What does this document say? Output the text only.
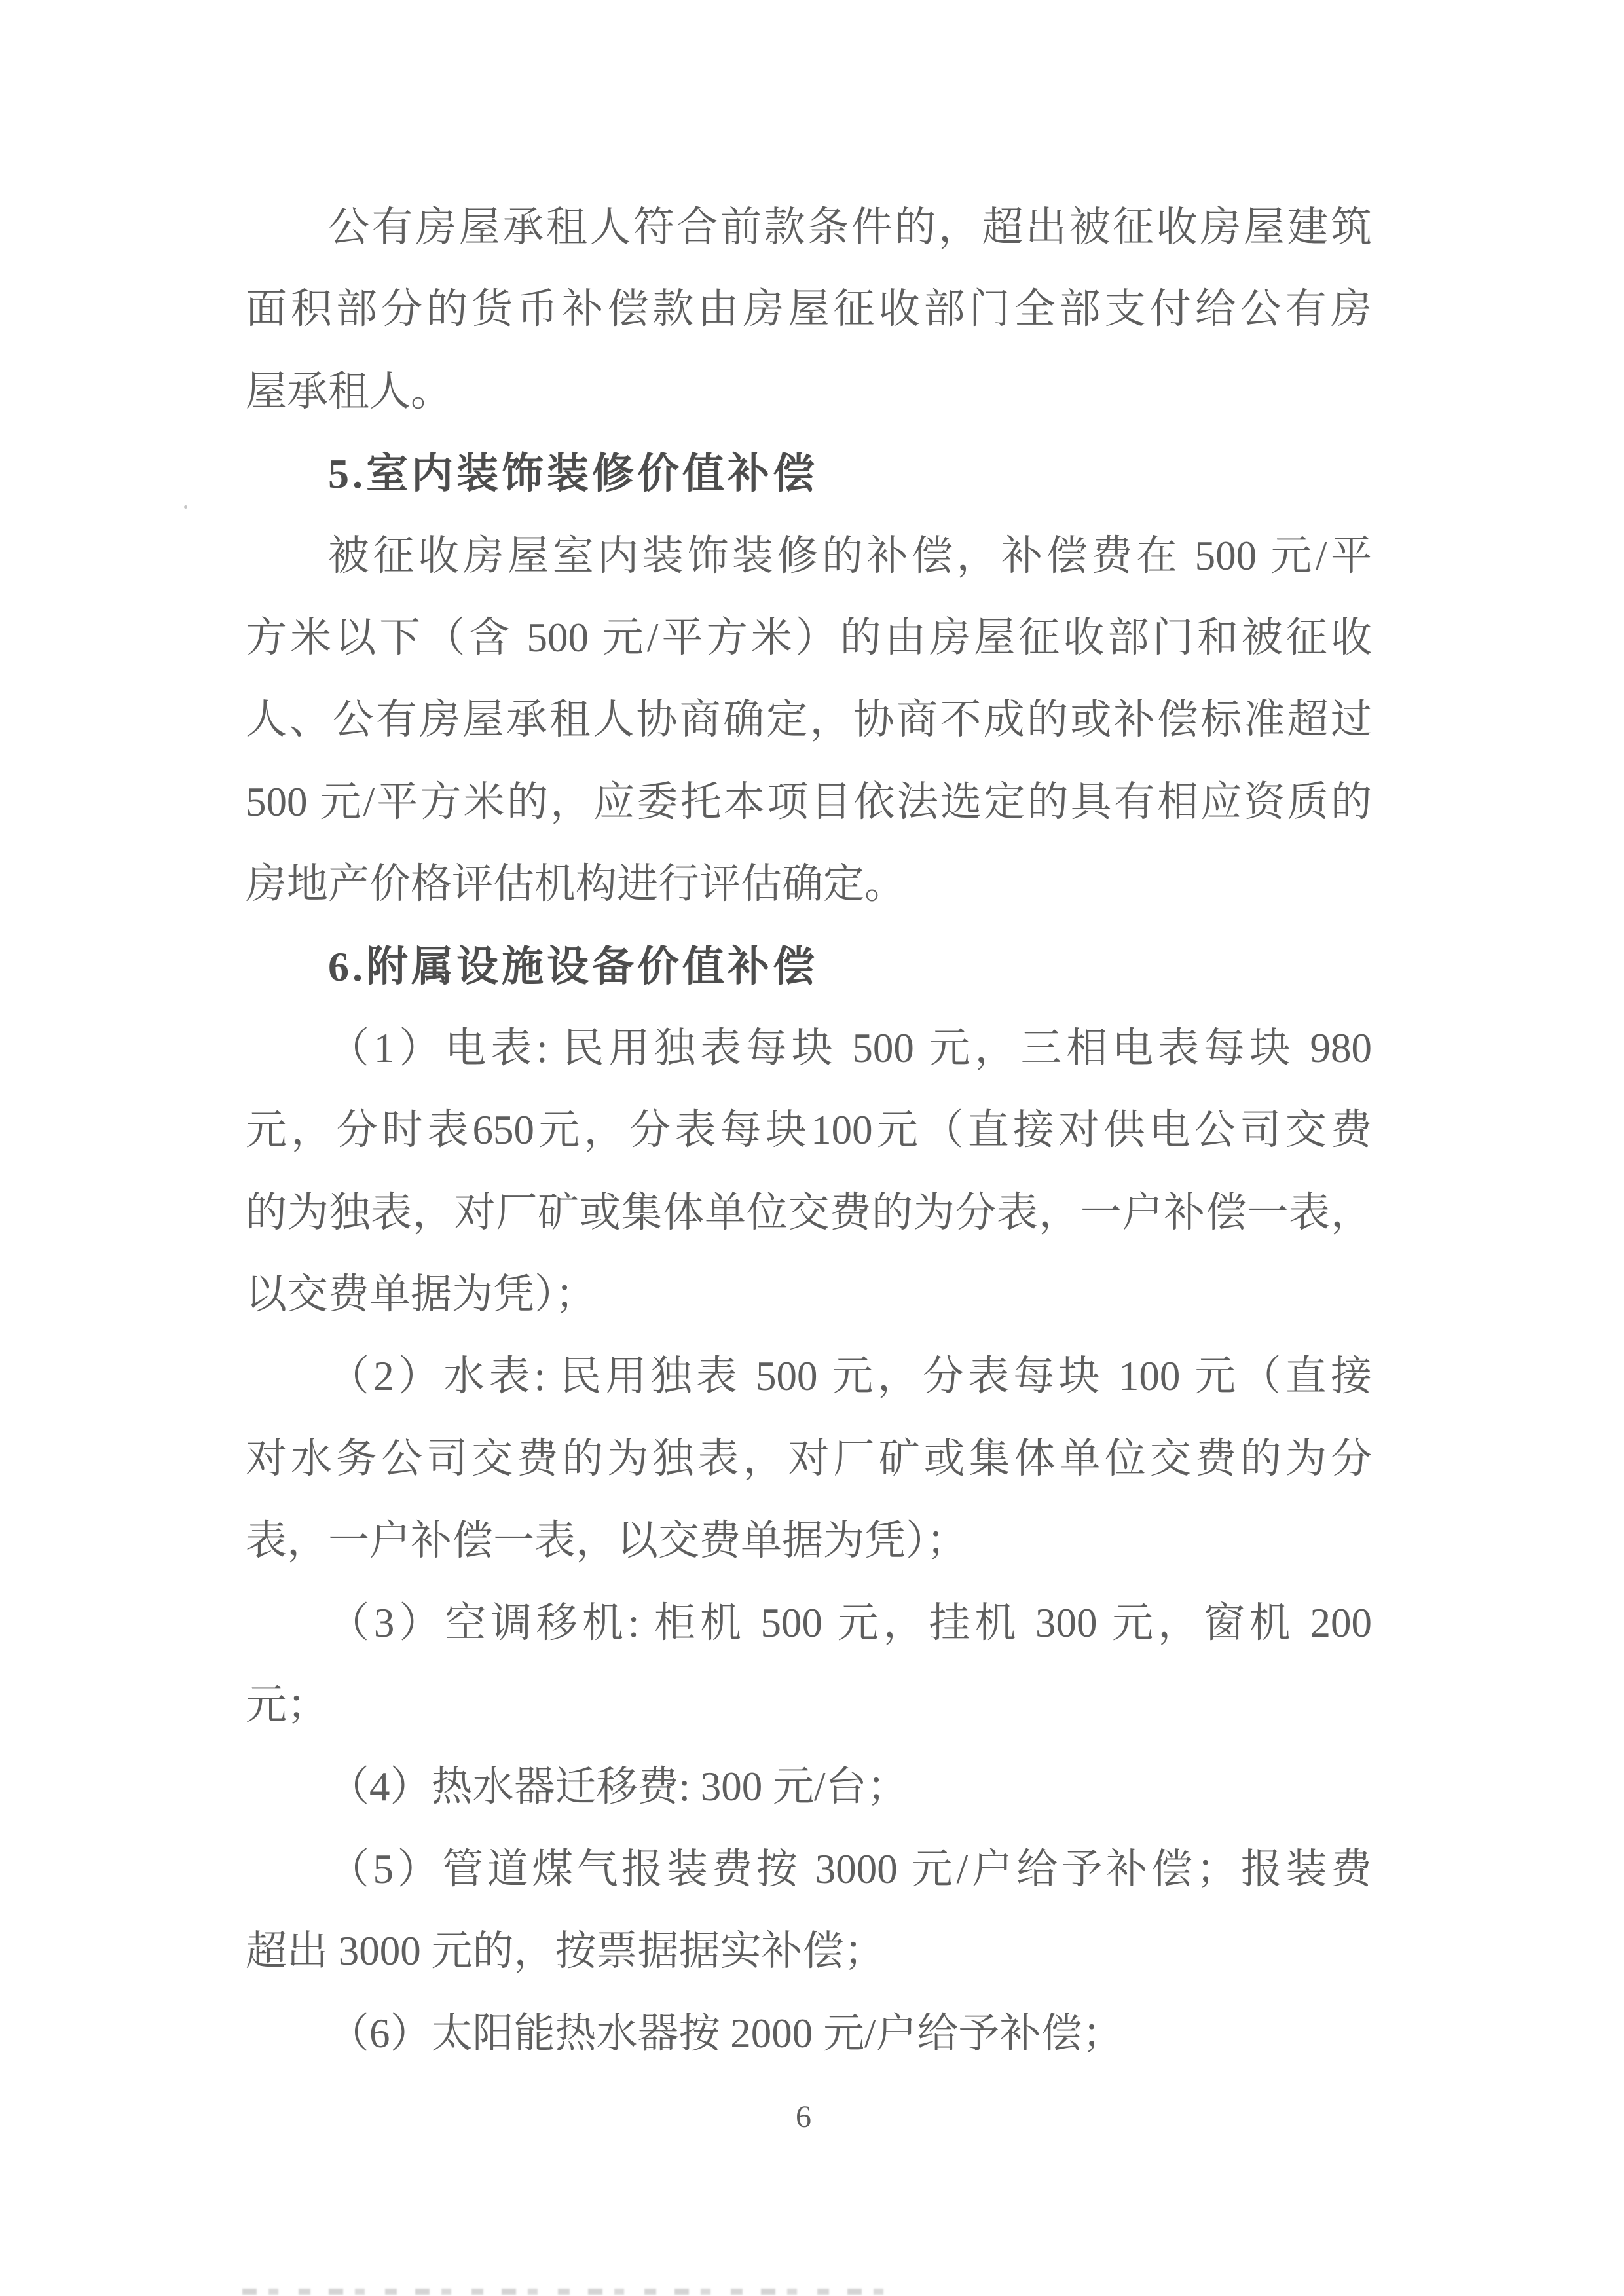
公有房屋承租人符合前款条件的，超出被征收房屋建筑
面积部分的货币补偿款由房屋征收部门全部支付给公有房
屋承租人。
5.室内装饰装修价值补偿
被征收房屋室内装饰装修的补偿，补偿费在 500 元/平
方米以下（含 500 元/平方米）的由房屋征收部门和被征收
人、公有房屋承租人协商确定，协商不成的或补偿标准超过
500 元/平方米的，应委托本项目依法选定的具有相应资质的
房地产价格评估机构进行评估确定。
6.附属设施设备价值补偿
（1）电表: 民用独表每块 500 元，三相电表每块 980
元，分时表650元，分表每块100元（直接对供电公司交费
的为独表，对厂矿或集体单位交费的为分表，一户补偿一表，
以交费单据为凭）；
（2）水表: 民用独表 500 元，分表每块 100 元（直接
对水务公司交费的为独表，对厂矿或集体单位交费的为分
表，一户补偿一表，以交费单据为凭）；
（3）空调移机: 柜机 500 元，挂机 300 元，窗机 200
元；
（4）热水器迁移费: 300 元/台；
（5）管道煤气报装费按 3000 元/户给予补偿；报装费
超出 3000 元的，按票据据实补偿；
（6）太阳能热水器按 2000 元/户给予补偿；
6
